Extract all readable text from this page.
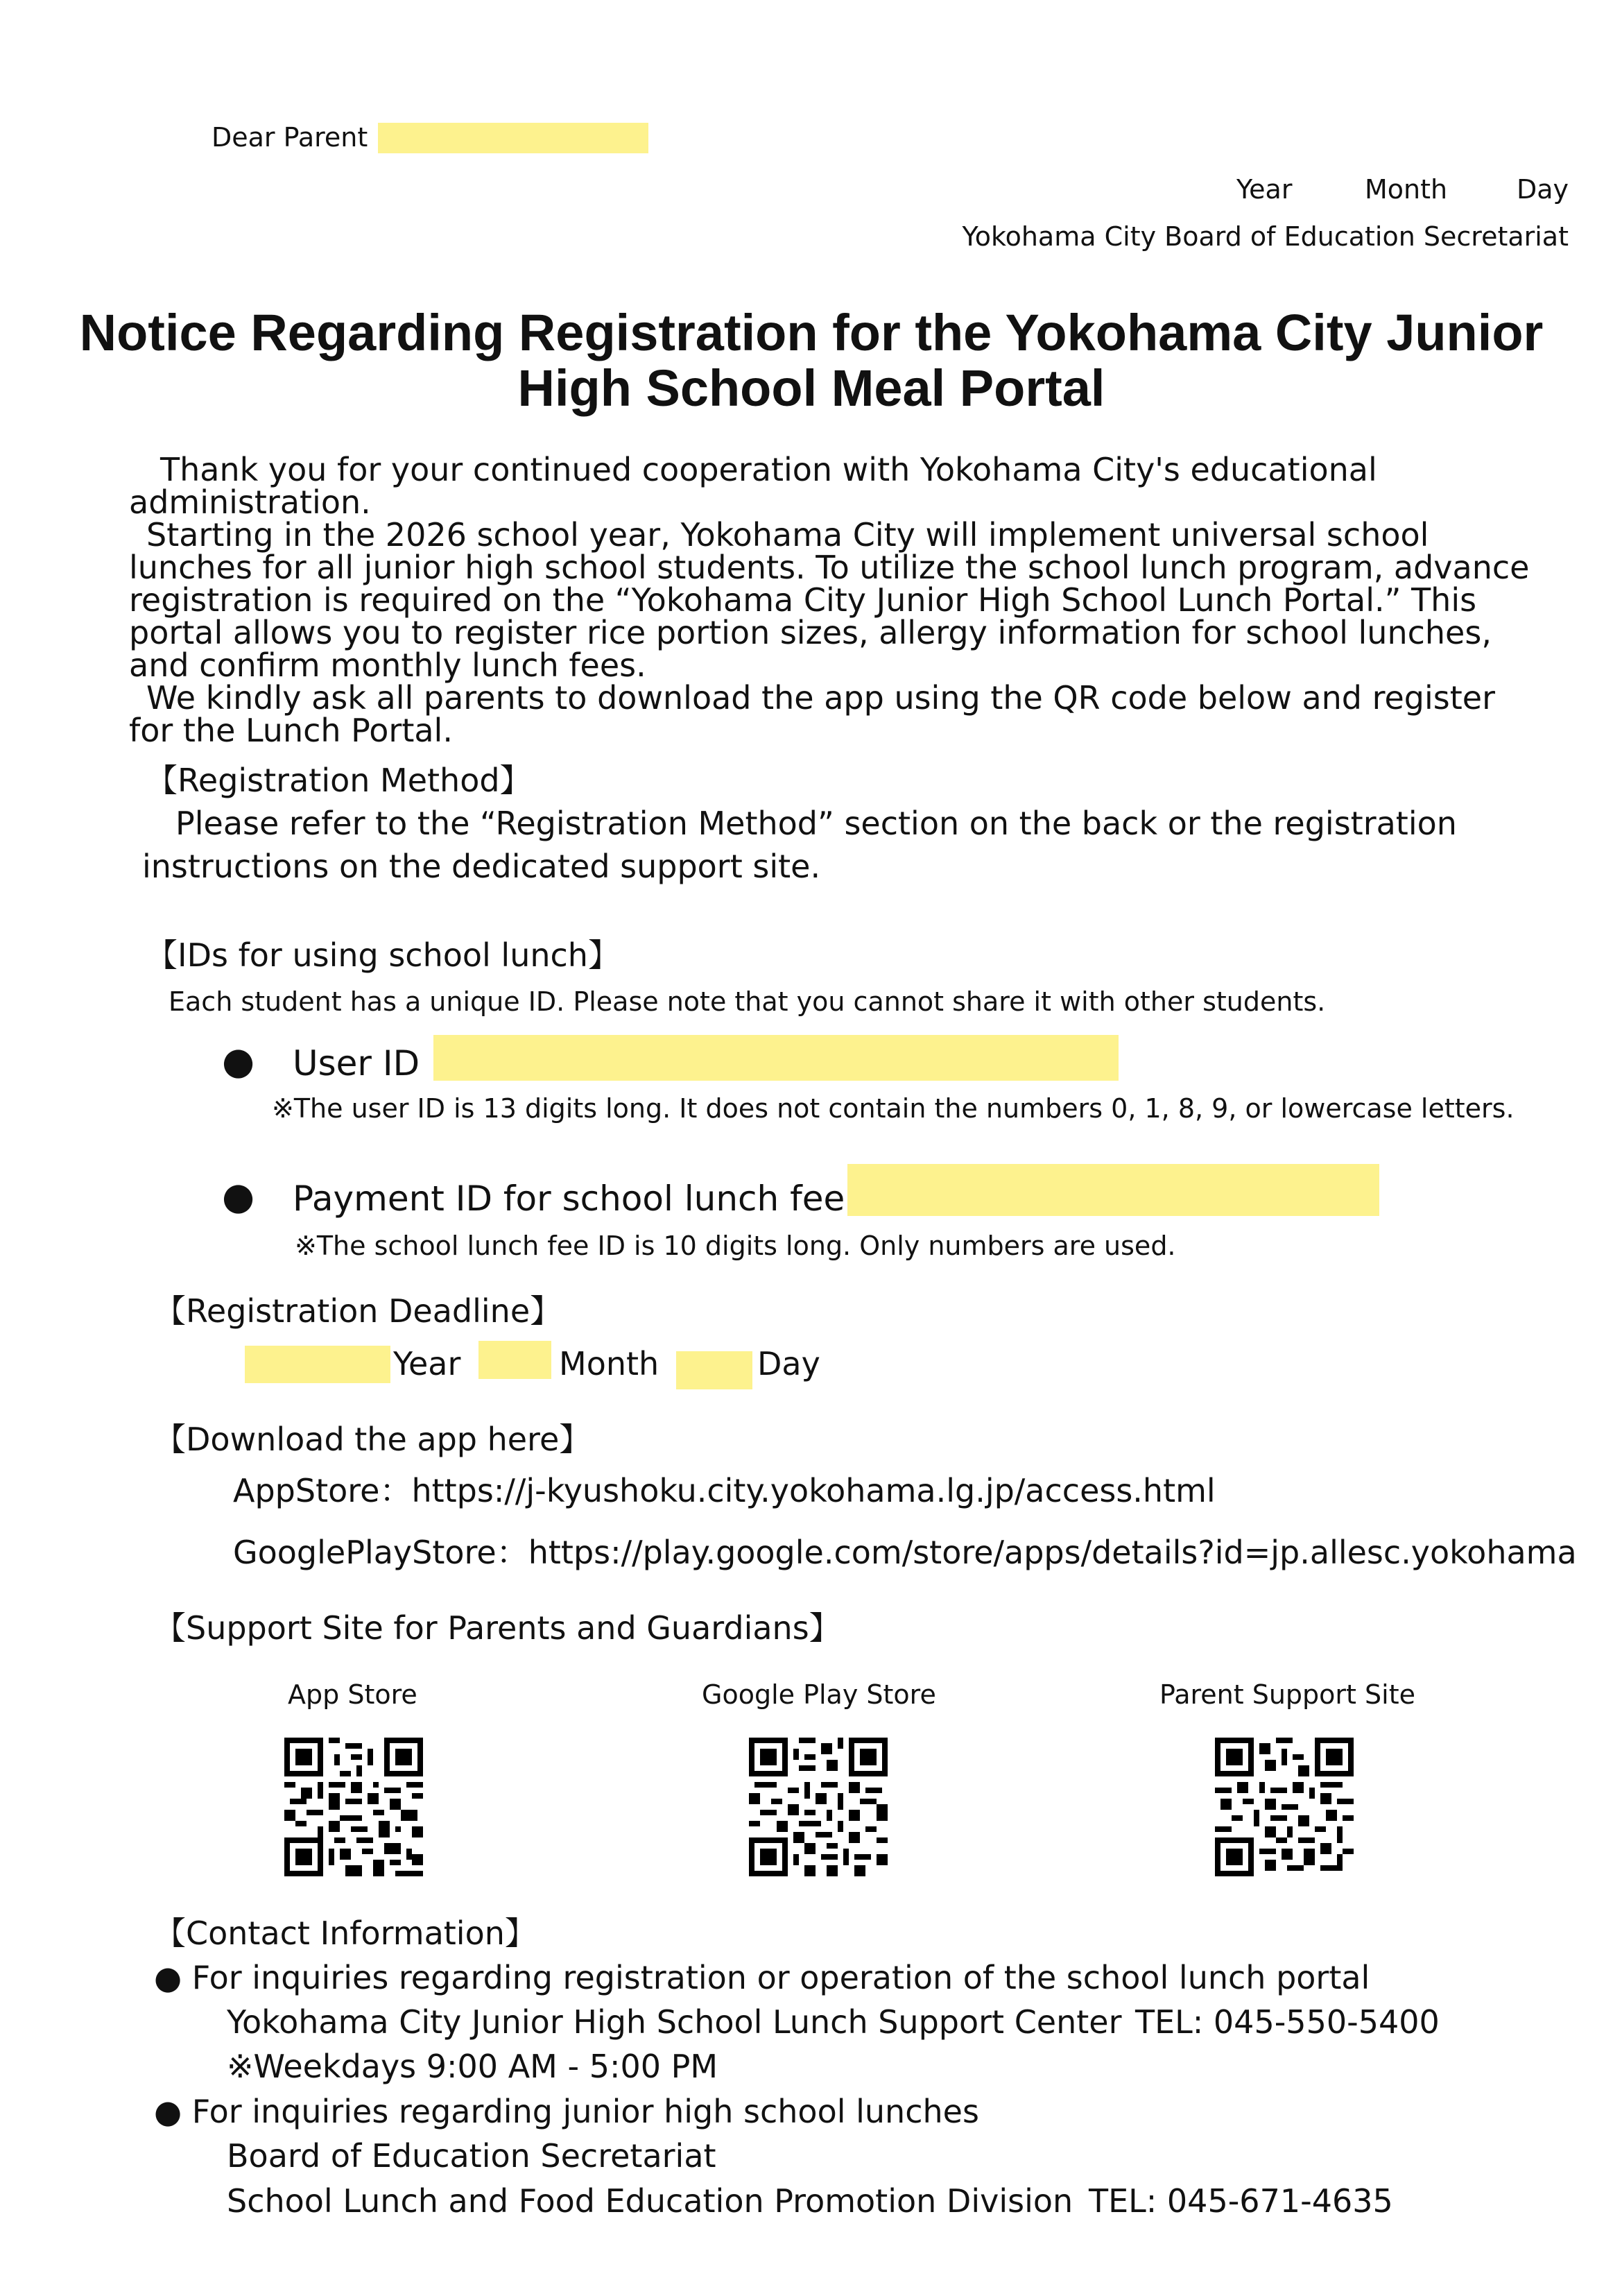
Dear Parent
Year	Month	Day
Yokohama City Board of Education Secretariat
Notice Regarding Registration for the Yokohama City Junior
High School Meal Portal

Thank you for your continued cooperation with Yokohama City's educational administration.

Starting in the 2026 school year, Yokohama City will implement universal school lunches for all junior high school students. To utilize the school lunch program, advance registration is required on the “Yokohama City Junior High School Lunch Portal.” This portal allows you to register rice portion sizes, allergy information for school lunches, and confirm monthly lunch fees.

We kindly ask all parents to download the app using the QR code below and register for the Lunch Portal.

【Registration Method】
Please refer to the “Registration Method” section on the back or the registration
instructions on the dedicated support site.
【IDs for using school lunch】
Each student has a unique ID. Please note that you cannot share it with other students.
● User ID
※The user ID is 13 digits long. It does not contain the numbers 0, 1, 8, 9, or lowercase letters.
● Payment ID for school lunch fee
※The school lunch fee ID is 10 digits long. Only numbers are used.
【Registration Deadline】
Year	Month	Day
【Download the app here】
AppStore：https://j-kyushoku.city.yokohama.lg.jp/access.html
GooglePlayStore：https://play.google.com/store/apps/details?id=jp.allesc.yokohama
【Support Site for Parents and Guardians】
App Store	Google Play Store	Parent Support Site
【Contact Information】
● For inquiries regarding registration or operation of the school lunch portal
Yokohama City Junior High School Lunch Support Center TEL: 045-550-5400
※Weekdays 9:00 AM - 5:00 PM
● For inquiries regarding junior high school lunches
Board of Education Secretariat
School Lunch and Food Education Promotion Division TEL: 045-671-4635
